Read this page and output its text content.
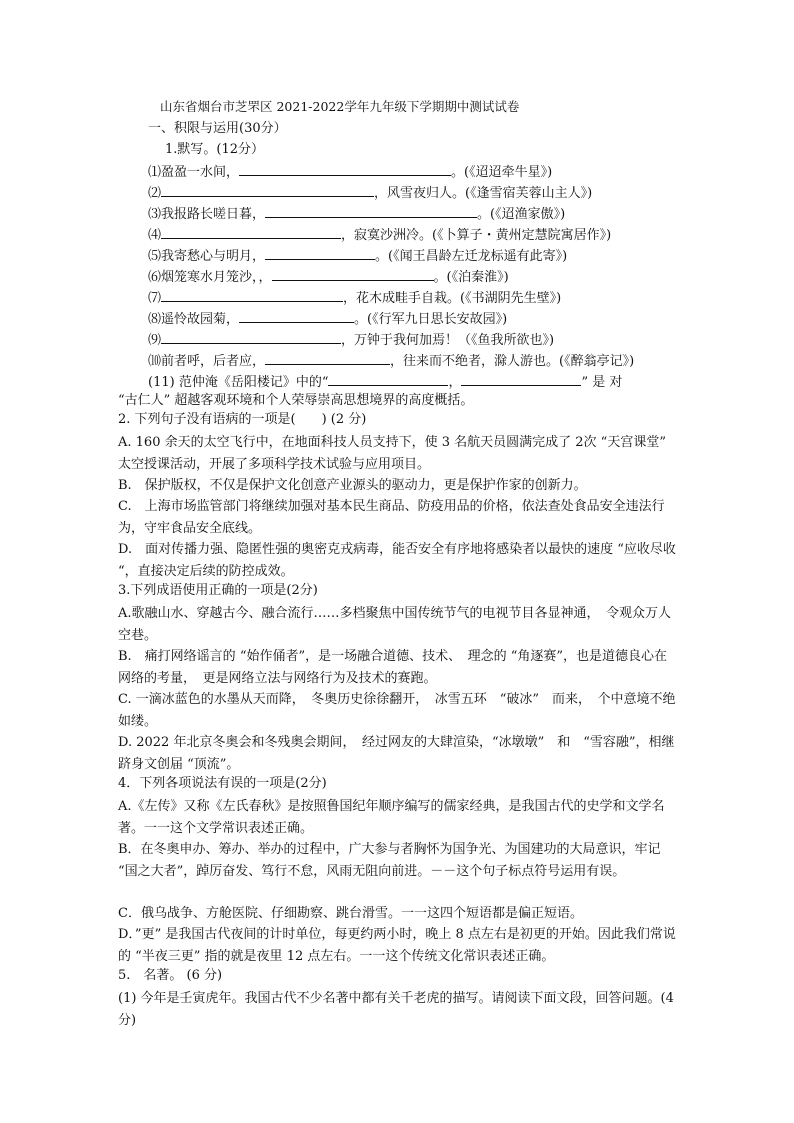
山东省烟台市芝罘区 2021-2022学年九年级下学期期中测试试卷
一、积限与运用(30分）
1.默写。(12分）
⑴盈盈一水间，	。(《迢迢牵牛星》)
⑵	，风雪夜归人。(《逢雪宿芙蓉山主人》)
⑶我报路长嗟日暮，	。(《迢渔家傲》)
⑷	，寂寞沙洲冷。(《卜算子・黄州定慧院寓居作》)
⑸我寄愁心与明月，	。(《闻王昌龄左迁龙标遥有此寄》)
⑹烟笼寒水月笼沙，，	。(《泊秦淮》)
⑺	，花木成畦手自栽。(《书湖阴先生壁》)
⑻遥怜故园菊，	。(《行军九日思长安故园》)
⑼	，万钟于我何加焉！（《鱼我所欲也》)
⑽前者呼，后者应，	，往来而不绝者，滁人游也。(《醉翁亭记》)
(11) 范仲淹《岳阳楼记》中的“	，	” 是 对
“古仁人” 超越客观环境和个人荣辱崇高思想境界的高度概括。
2. 下列句子没有语病的一项是(　　) (2 分)
A. 160 余天的太空飞行中，在地面科技人员支持下，使 3 名航天员圆满完成了 2次 “天宫课堂” 太空授课活动，开展了多项科学技术试验与应用项目。
B.　保护版权，不仅是保护文化创意产业源头的驱动力，更是保护作家的创新力。
C.　上海市场监管部门将继续加强对基本民生商品、防疫用品的价格，依法查处食品安全违法行为，守牢食品安全底线。
D.　面对传播力强、隐匿性强的奥密克戎病毒，能否安全有序地将感染者以最快的速度 “应收尽收 “，直接决定后续的防控成效。
3.下列成语使用正确的一项是(2分)
A.歌融山水、穿越古今、融合流行……多档聚焦中国传统节气的电视节目各显神通，　令观众万人空巷。
B.　痛打网络谣言的 “始作俑者”，是一场融合道德、技术、　理念的 “角逐赛”，也是道德良心在网络的考量，　更是网络立法与网络行为及技术的赛跑。
C. 一滴冰蓝色的水墨从天而降，　冬奥历史徐徐翻开，　冰雪五环　“破冰”　而来，　个中意境不绝如缕。
D. 2022 年北京冬奥会和冬残奥会期间，　经过网友的大肆渲染，“冰墩墩”　和　“雪容融”，相继跻身文创届 “顶流”。
4．下列各项说法有误的一项是(2分)
A.《左传》又称《左氏春秋》是按照鲁国纪年顺序编写的儒家经典，是我国古代的史学和文学名著。一一这个文学常识表述正确。
B．在冬奥申办、筹办、举办的过程中，广大参与者胸怀为国争光、为国建功的大局意识，牢记 “国之大者”，踔厉奋发、笃行不怠，风雨无阻向前进。－－这个句子标点符号运用有误。
C．俄乌战争、方舱医院、仔细勘察、跳台滑雪。一一这四个短语都是偏正短语。
D．”更” 是我国古代夜间的计时单位，每更约两小时，晚上 8 点左右是初更的开始。因此我们常说的 “半夜三更” 指的就是夜里 12 点左右。一一这个传统文化常识表述正确。
5.　名著。 (6 分)
(1) 今年是壬寅虎年。我国古代不少名著中都有关千老虎的描写。请阅读下面文段，回答问题。(4分)
